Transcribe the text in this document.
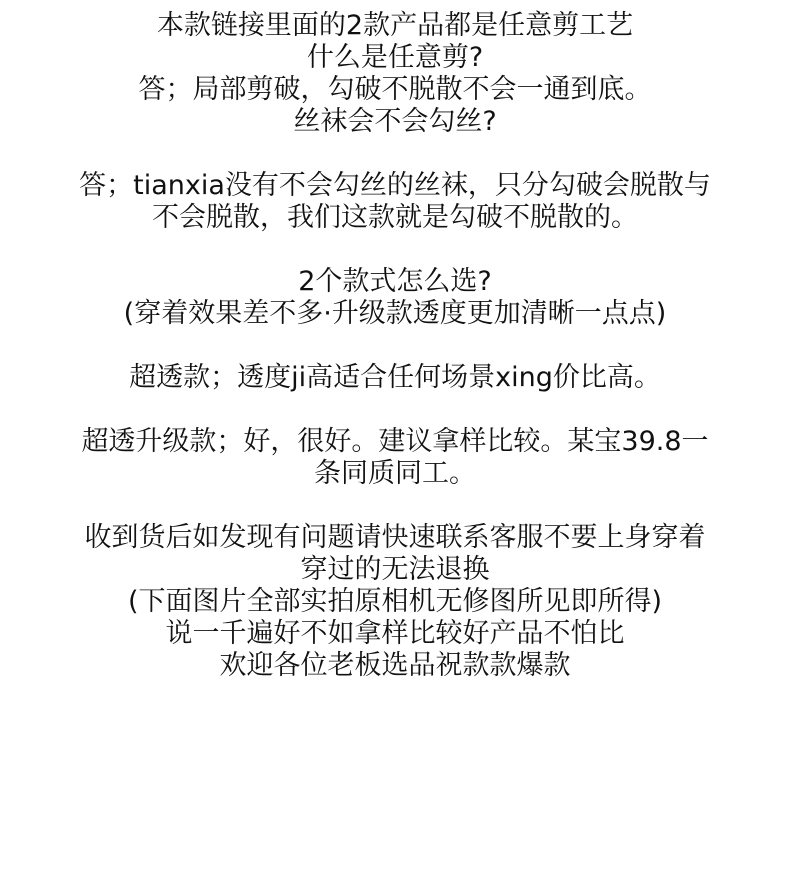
本款链接里面的2款产品都是任意剪工艺
什么是任意剪?
答；局部剪破，勾破不脱散不会一通到底。
丝袜会不会勾丝?
答；tianxia没有不会勾丝的丝袜，只分勾破会脱散与
不会脱散，我们这款就是勾破不脱散的。
2个款式怎么选?
(穿着效果差不多·升级款透度更加清晰一点点)
超透款；透度ji高适合任何场景xing价比高。
超透升级款；好，很好。建议拿样比较。某宝39.8一
条同质同工。
收到货后如发现有问题请快速联系客服不要上身穿着
穿过的无法退换
(下面图片全部实拍原相机无修图所见即所得)
说一千遍好不如拿样比较好产品不怕比
欢迎各位老板选品祝款款爆款
